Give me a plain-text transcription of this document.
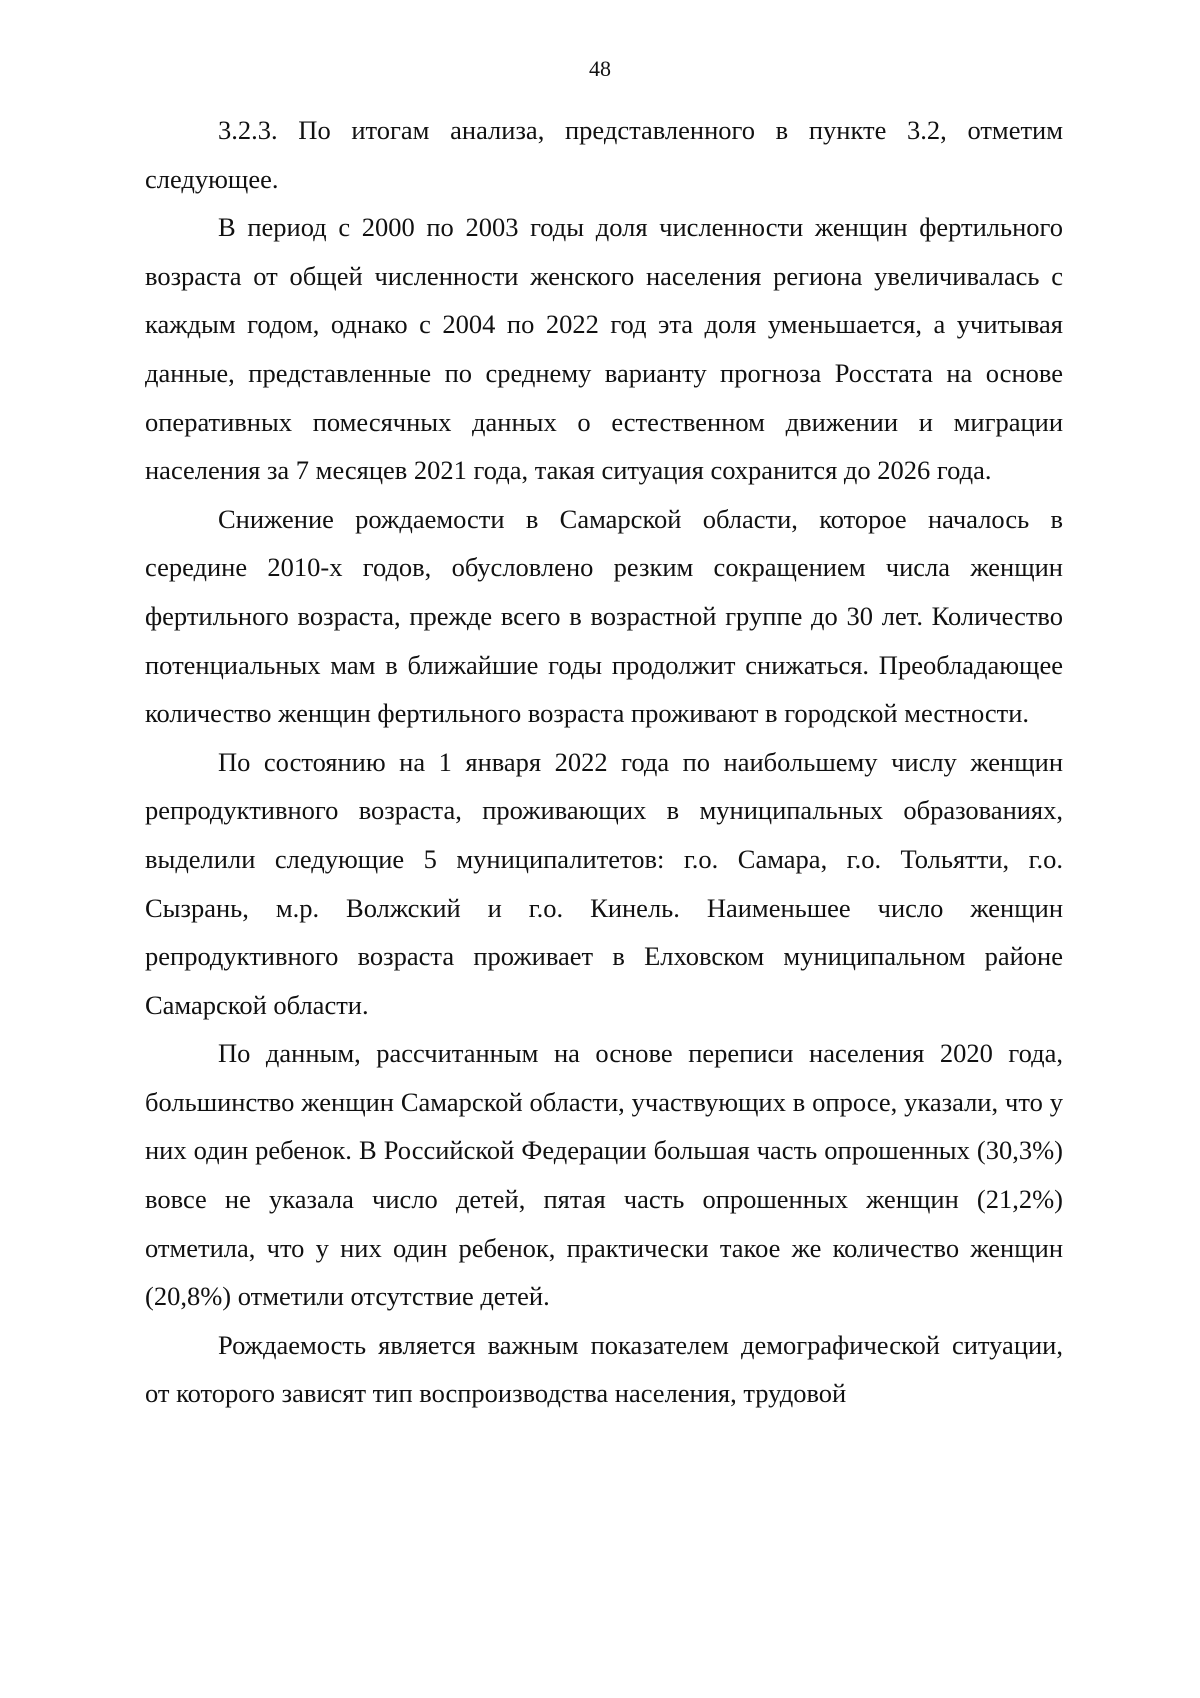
48

3.2.3. По итогам анализа, представленного в пункте 3.2, отметим следующее.

В период с 2000 по 2003 годы доля численности женщин фертильного возраста от общей численности женского населения региона увеличивалась с каждым годом, однако с 2004 по 2022 год эта доля уменьшается, а учитывая данные, представленные по среднему варианту прогноза Росстата на основе оперативных помесячных данных о естественном движении и миграции населения за 7 месяцев 2021 года, такая ситуация сохранится до 2026 года.

Снижение рождаемости в Самарской области, которое началось в середине 2010-х годов, обусловлено резким сокращением числа женщин фертильного возраста, прежде всего в возрастной группе до 30 лет. Количество потенциальных мам в ближайшие годы продолжит снижаться. Преобладающее количество женщин фертильного возраста проживают в городской местности.

По состоянию на 1 января 2022 года по наибольшему числу женщин репродуктивного возраста, проживающих в муниципальных образованиях, выделили следующие 5 муниципалитетов: г.о. Самара, г.о. Тольятти, г.о. Сызрань, м.р. Волжский и г.о. Кинель. Наименьшее число женщин репродуктивного возраста проживает в Елховском муниципальном районе Самарской области.

По данным, рассчитанным на основе переписи населения 2020 года, большинство женщин Самарской области, участвующих в опросе, указали, что у них один ребенок. В Российской Федерации большая часть опрошенных (30,3%) вовсе не указала число детей, пятая часть опрошенных женщин (21,2%) отметила, что у них один ребенок, практически такое же количество женщин (20,8%) отметили отсутствие детей.

Рождаемость является важным показателем демографической ситуации, от которого зависят тип воспроизводства населения, трудовой
